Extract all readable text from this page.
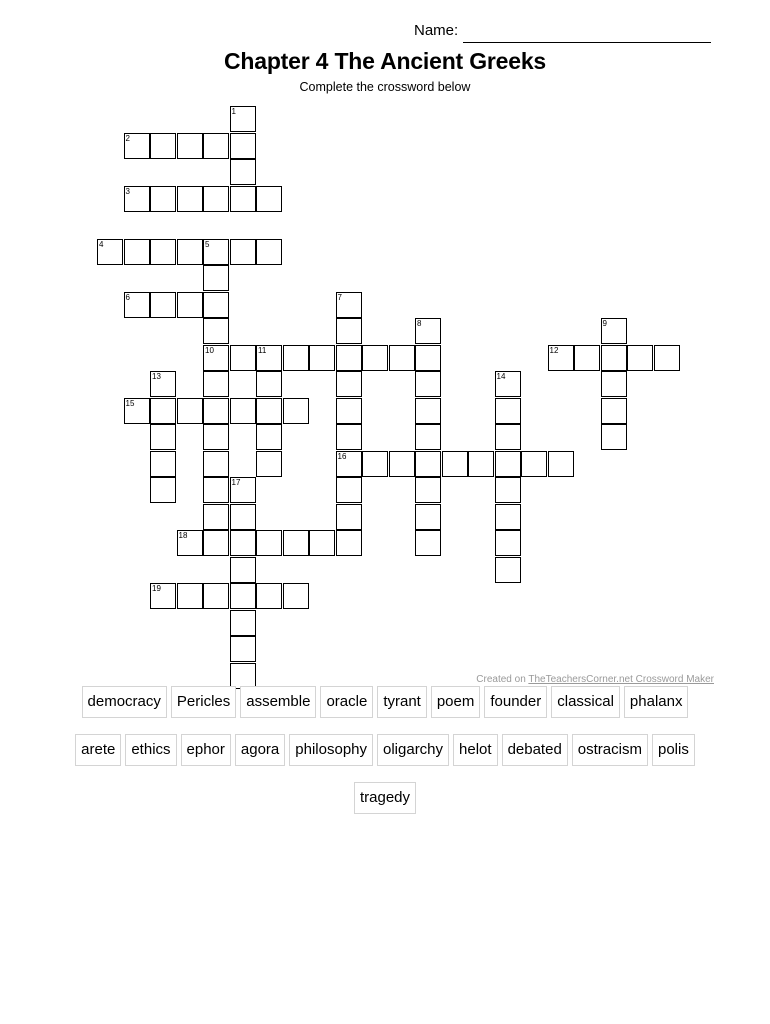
Name:
Chapter 4 The Ancient Greeks
Complete the crossword below
1
2
3
4	5
10
6	7
16
8	9
11	12
13	14
15
17
18
19
Created on TheTeachersCorner.net Crossword Maker
democracy	Pericles	assemble	oracle	tyrant	poem	founder	classical	phalanx
arete	ethics	ephor	agora	philosophy	oligarchy	helot	debated	ostracism	polis
tragedy
